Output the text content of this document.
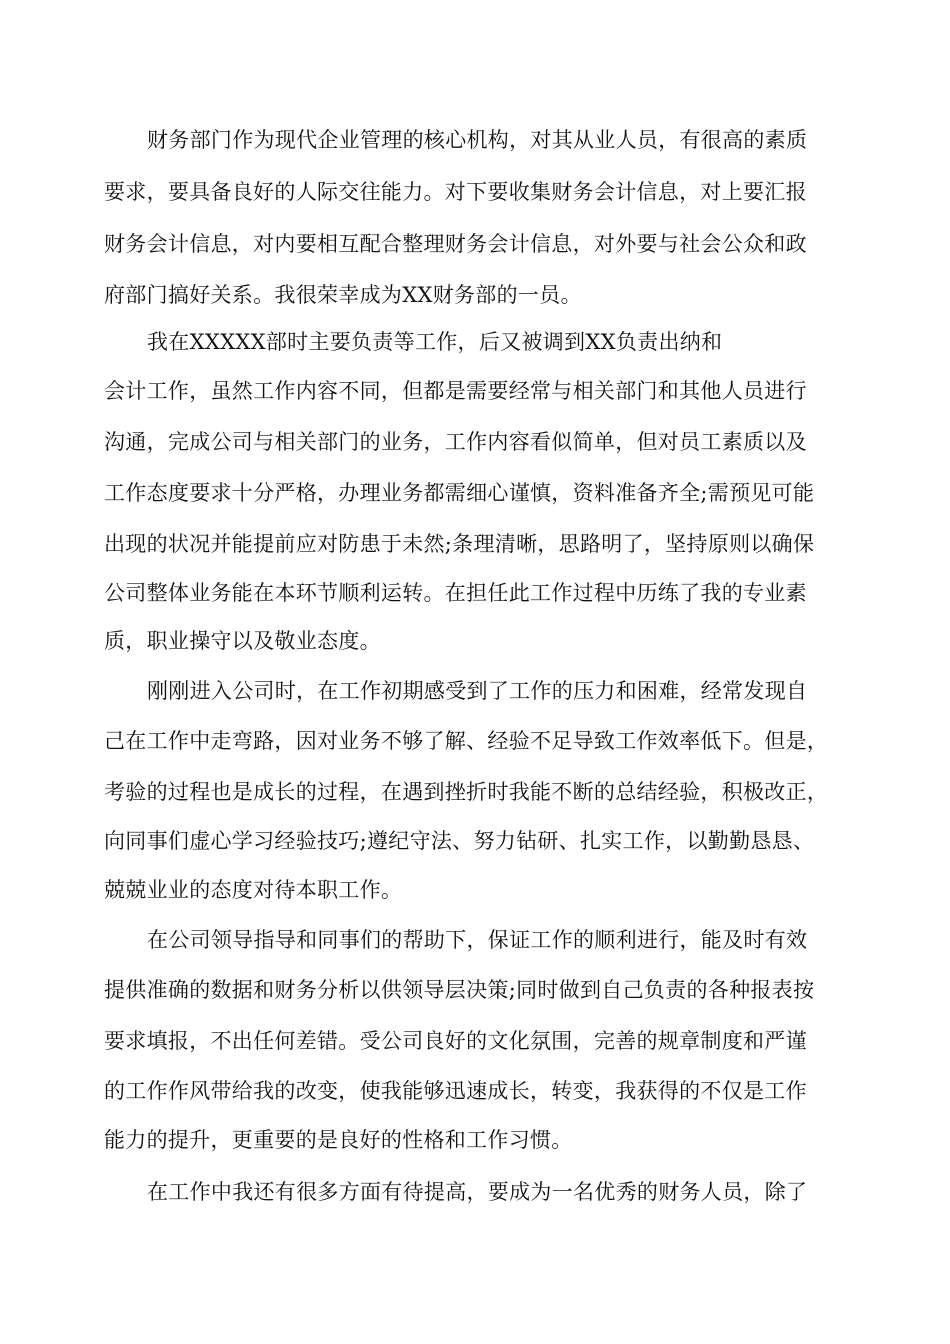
财务部门作为现代企业管理的核心机构，对其从业人员，有很高的素质
要求，要具备良好的人际交往能力。对下要收集财务会计信息，对上要汇报
财务会计信息，对内要相互配合整理财务会计信息，对外要与社会公众和政
府部门搞好关系。我很荣幸成为XX财务部的一员。
我在XXXXX部时主要负责等工作，后又被调到XX负责出纳和
会计工作，虽然工作内容不同，但都是需要经常与相关部门和其他人员进行
沟通，完成公司与相关部门的业务，工作内容看似简单，但对员工素质以及
工作态度要求十分严格，办理业务都需细心谨慎，资料准备齐全;需预见可能
出现的状况并能提前应对防患于未然;条理清晰，思路明了，坚持原则以确保
公司整体业务能在本环节顺利运转。在担任此工作过程中历练了我的专业素
质，职业操守以及敬业态度。
刚刚进入公司时，在工作初期感受到了工作的压力和困难，经常发现自
己在工作中走弯路，因对业务不够了解、经验不足导致工作效率低下。但是，
考验的过程也是成长的过程，在遇到挫折时我能不断的总结经验，积极改正，
向同事们虚心学习经验技巧;遵纪守法、努力钻研、扎实工作，以勤勤恳恳、
兢兢业业的态度对待本职工作。
在公司领导指导和同事们的帮助下，保证工作的顺利进行，能及时有效
提供准确的数据和财务分析以供领导层决策;同时做到自己负责的各种报表按
要求填报，不出任何差错。受公司良好的文化氛围，完善的规章制度和严谨
的工作作风带给我的改变，使我能够迅速成长，转变，我获得的不仅是工作
能力的提升，更重要的是良好的性格和工作习惯。
在工作中我还有很多方面有待提高，要成为一名优秀的财务人员，除了
